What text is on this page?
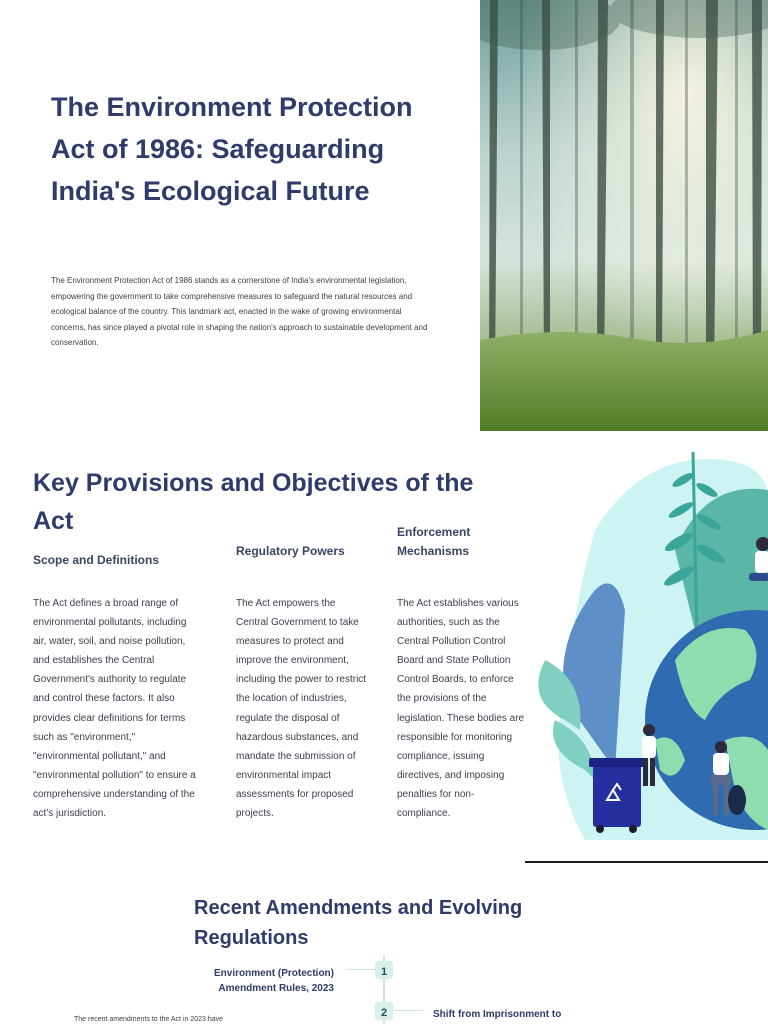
The Environment Protection Act of 1986: Safeguarding India's Ecological Future

The Environment Protection Act of 1986 stands as a cornerstone of India's environmental legislation, empowering the government to take comprehensive measures to safeguard the natural resources and ecological balance of the country. This landmark act, enacted in the wake of growing environmental concerns, has since played a pivotal role in shaping the nation's approach to sustainable development and conservation.

Key Provisions and Objectives of the Act

Scope and Definitions

The Act defines a broad range of environmental pollutants, including air, water, soil, and noise pollution, and establishes the Central Government's authority to regulate and control these factors. It also provides clear definitions for terms such as "environment," "environmental pollutant," and "environmental pollution" to ensure a comprehensive understanding of the act's jurisdiction.

Regulatory Powers

The Act empowers the Central Government to take measures to protect and improve the environment, including the power to restrict the location of industries, regulate the disposal of hazardous substances, and mandate the submission of environmental impact assessments for proposed projects.

Enforcement Mechanisms

The Act establishes various authorities, such as the Central Pollution Control Board and State Pollution Control Boards, to enforce the provisions of the legislation. These bodies are responsible for monitoring compliance, issuing directives, and imposing penalties for non-compliance.

Recent Amendments and Evolving Regulations
1

Environment (Protection) Amendment Rules, 2023

2	Shift from Imprisonment to

The recent amendments to the Act in 2023 have
